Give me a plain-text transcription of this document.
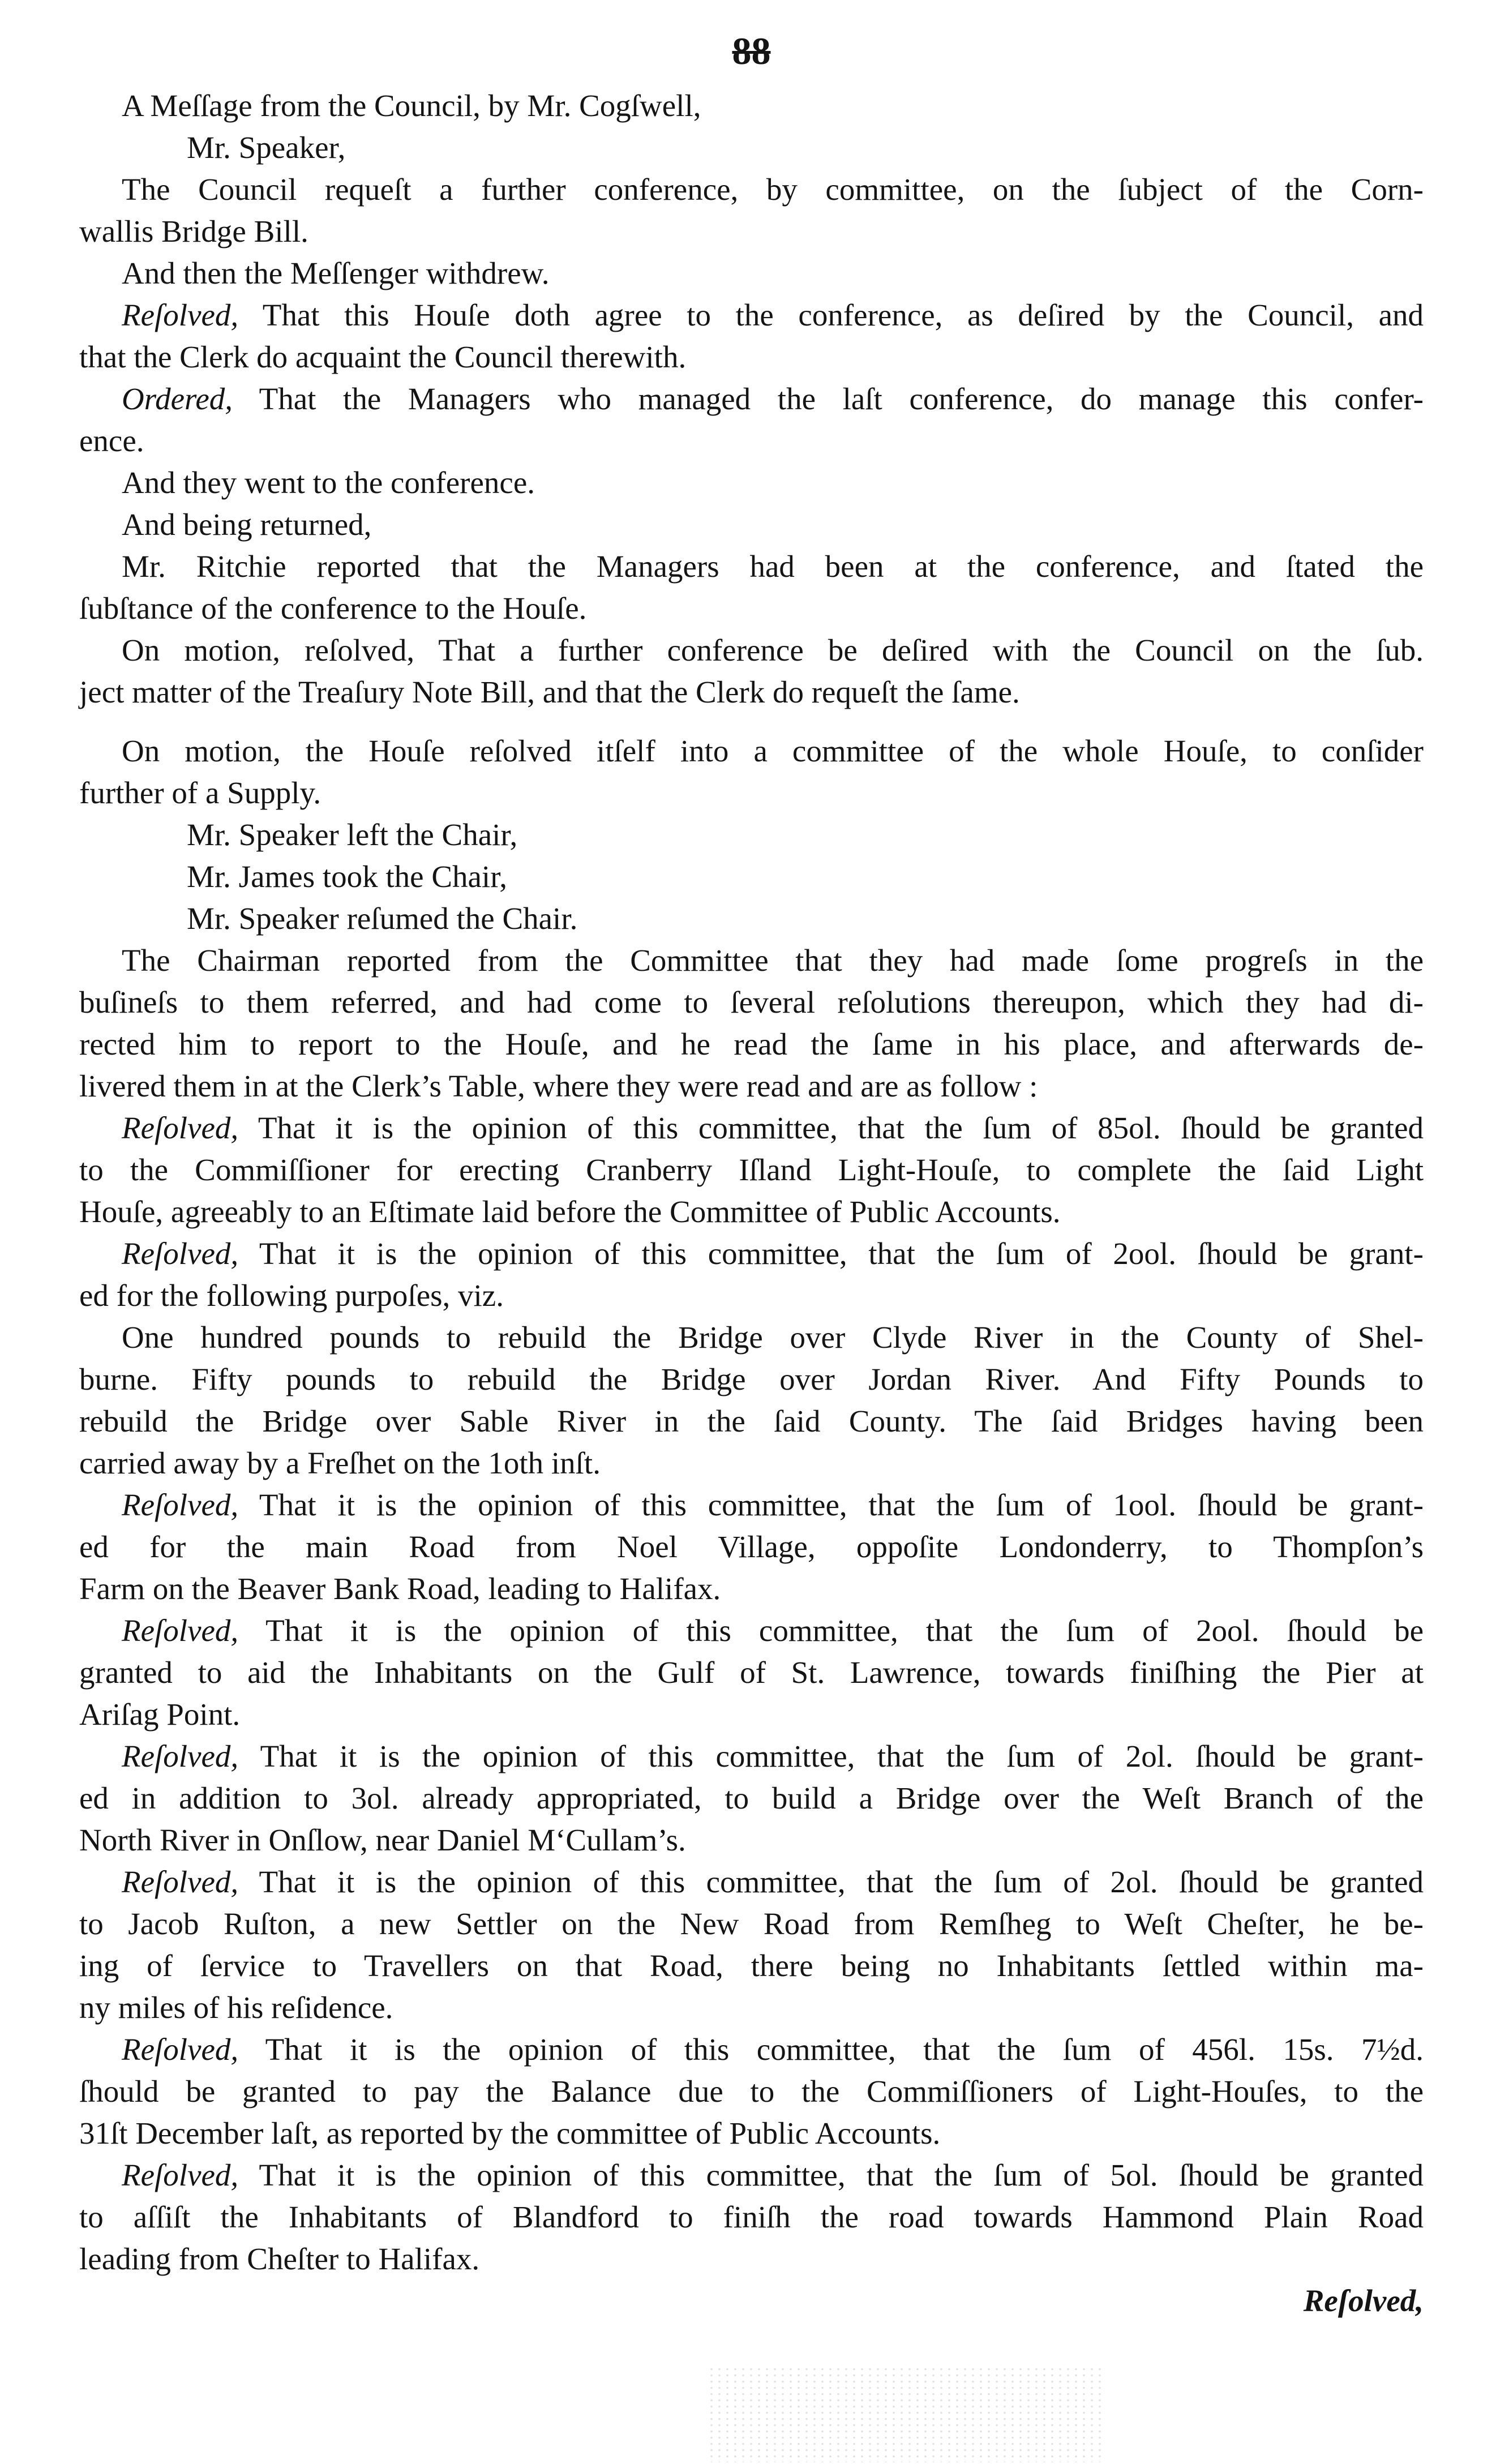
88
A Meſſage from the Council, by Mr. Cogſwell,
Mr. Speaker,
The Council requeſt a further conference, by committee, on the ſubject of the Corn-
wallis Bridge Bill.
And then the Meſſenger withdrew.
Reſolved, That this Houſe doth agree to the conference, as deſired by the Council, and
that the Clerk do acquaint the Council therewith.
Ordered, That the Managers who managed the laſt conference, do manage this confer-
ence.
And they went to the conference.
And being returned,
Mr. Ritchie reported that the Managers had been at the conference, and ſtated the
ſubſtance of the conference to the Houſe.
On motion, reſolved, That a further conference be deſired with the Council on the ſub.
ject matter of the Treaſury Note Bill, and that the Clerk do requeſt the ſame.
On motion, the Houſe reſolved itſelf into a committee of the whole Houſe, to conſider
further of a Supply.
Mr. Speaker left the Chair,
Mr. James took the Chair,
Mr. Speaker reſumed the Chair.
The Chairman reported from the Committee that they had made ſome progreſs in the
buſineſs to them referred, and had come to ſeveral reſolutions thereupon, which they had di-
rected him to report to the Houſe, and he read the ſame in his place, and afterwards de-
livered them in at the Clerk’s Table, where they were read and are as follow :
Reſolved, That it is the opinion of this committee, that the ſum of 85ol. ſhould be granted
to the Commiſſioner for erecting Cranberry Iſland Light-Houſe, to complete the ſaid Light
Houſe, agreeably to an Eſtimate laid before the Committee of Public Accounts.
Reſolved, That it is the opinion of this committee, that the ſum of 2ool. ſhould be grant-
ed for the following purpoſes, viz.
One hundred pounds to rebuild the Bridge over Clyde River in the County of Shel-
burne. Fifty pounds to rebuild the Bridge over Jordan River. And Fifty Pounds to
rebuild the Bridge over Sable River in the ſaid County. The ſaid Bridges having been
carried away by a Freſhet on the 1oth inſt.
Reſolved, That it is the opinion of this committee, that the ſum of 1ool. ſhould be grant-
ed for the main Road from Noel Village, oppoſite Londonderry, to Thompſon’s
Farm on the Beaver Bank Road, leading to Halifax.
Reſolved, That it is the opinion of this committee, that the ſum of 2ool. ſhould be
granted to aid the Inhabitants on the Gulf of St. Lawrence, towards finiſhing the Pier at
Ariſag Point.
Reſolved, That it is the opinion of this committee, that the ſum of 2ol. ſhould be grant-
ed in addition to 3ol. already appropriated, to build a Bridge over the Weſt Branch of the
North River in Onſlow, near Daniel M‘Cullam’s.
Reſolved, That it is the opinion of this committee, that the ſum of 2ol. ſhould be granted
to Jacob Ruſton, a new Settler on the New Road from Remſheg to Weſt Cheſter, he be-
ing of ſervice to Travellers on that Road, there being no Inhabitants ſettled within ma-
ny miles of his reſidence.
Reſolved, That it is the opinion of this committee, that the ſum of 456l. 15s. 7½d.
ſhould be granted to pay the Balance due to the Commiſſioners of Light-Houſes, to the
31ſt December laſt, as reported by the committee of Public Accounts.
Reſolved, That it is the opinion of this committee, that the ſum of 5ol. ſhould be granted
to aſſiſt the Inhabitants of Blandford to finiſh the road towards Hammond Plain Road
leading from Cheſter to Halifax.
Reſolved,
